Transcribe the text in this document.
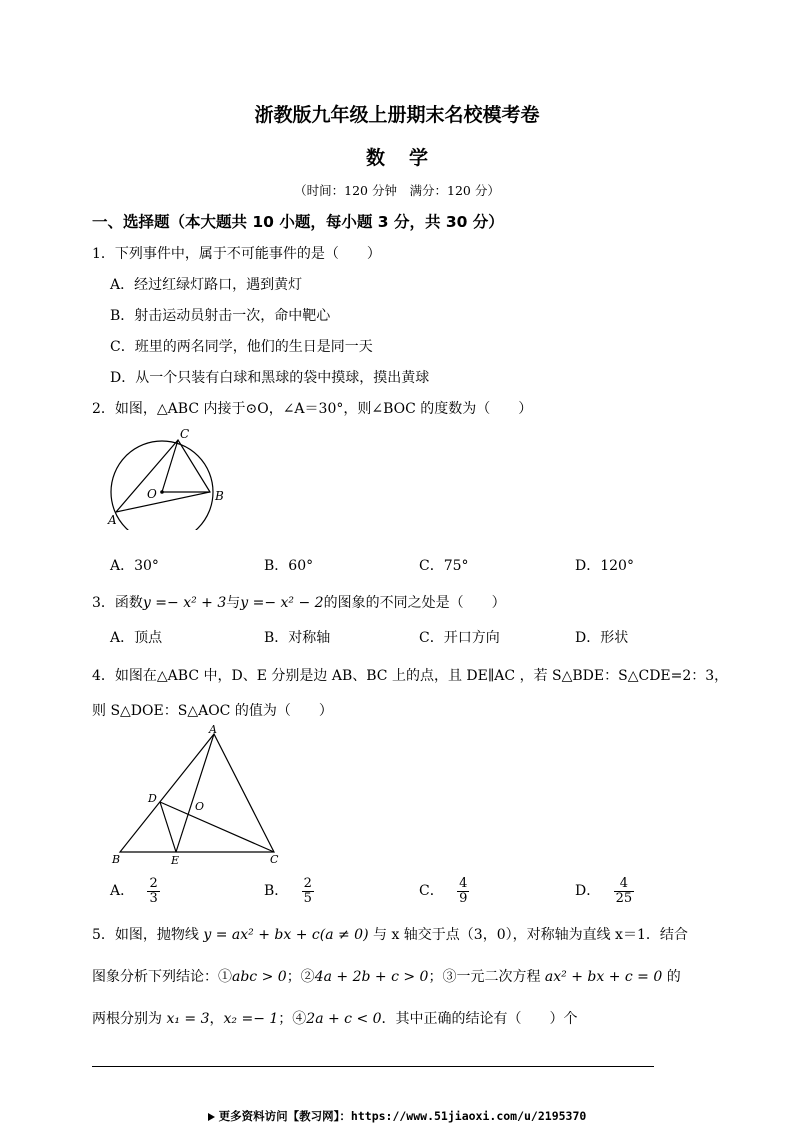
浙教版九年级上册期末名校模考卷
数学
（时间：120 分钟　满分：120 分）
一、选择题（本大题共 10 小题，每小题 3 分，共 30 分）
1．下列事件中，属于不可能事件的是（　　）
A．经过红绿灯路口，遇到黄灯
B．射击运动员射击一次，命中靶心
C．班里的两名同学，他们的生日是同一天
D．从一个只装有白球和黑球的袋中摸球，摸出黄球
2．如图，△ABC 内接于⊙O，∠A＝30°，则∠BOC 的度数为（　　）
C
O	B
A
A．30°	B．60°	C．75°	D．120°
3．函数y =− x² + 3与y =− x² − 2的图象的不同之处是（　　）
A．顶点	B．对称轴	C．开口方向	D．形状
4．如图在△ABC 中，D、E 分别是边 AB、BC 上的点，且 DE∥AC ，若 S△BDE：S△CDE=2：3，
则 S△DOE：S△AOC 的值为（　　）
A
D
O
B	E	C
A． $\frac{2}{3}$	B． $\frac{2}{5}$	C． $\frac{4}{9}$	D． $\frac{4}{25}$
5．如图，抛物线 y = ax² + bx + c(a ≠ 0) 与 x 轴交于点（3，0），对称轴为直线 x＝1．结合
图象分析下列结论：①abc > 0；②4a + 2b + c > 0；③一元二次方程 ax² + bx + c = 0 的
两根分别为 x₁ = 3，x₂ =− 1；④2a + c < 0．其中正确的结论有（　　）个
更多资料访问【教习网】：https://www.51jiaoxi.com/u/2195370
